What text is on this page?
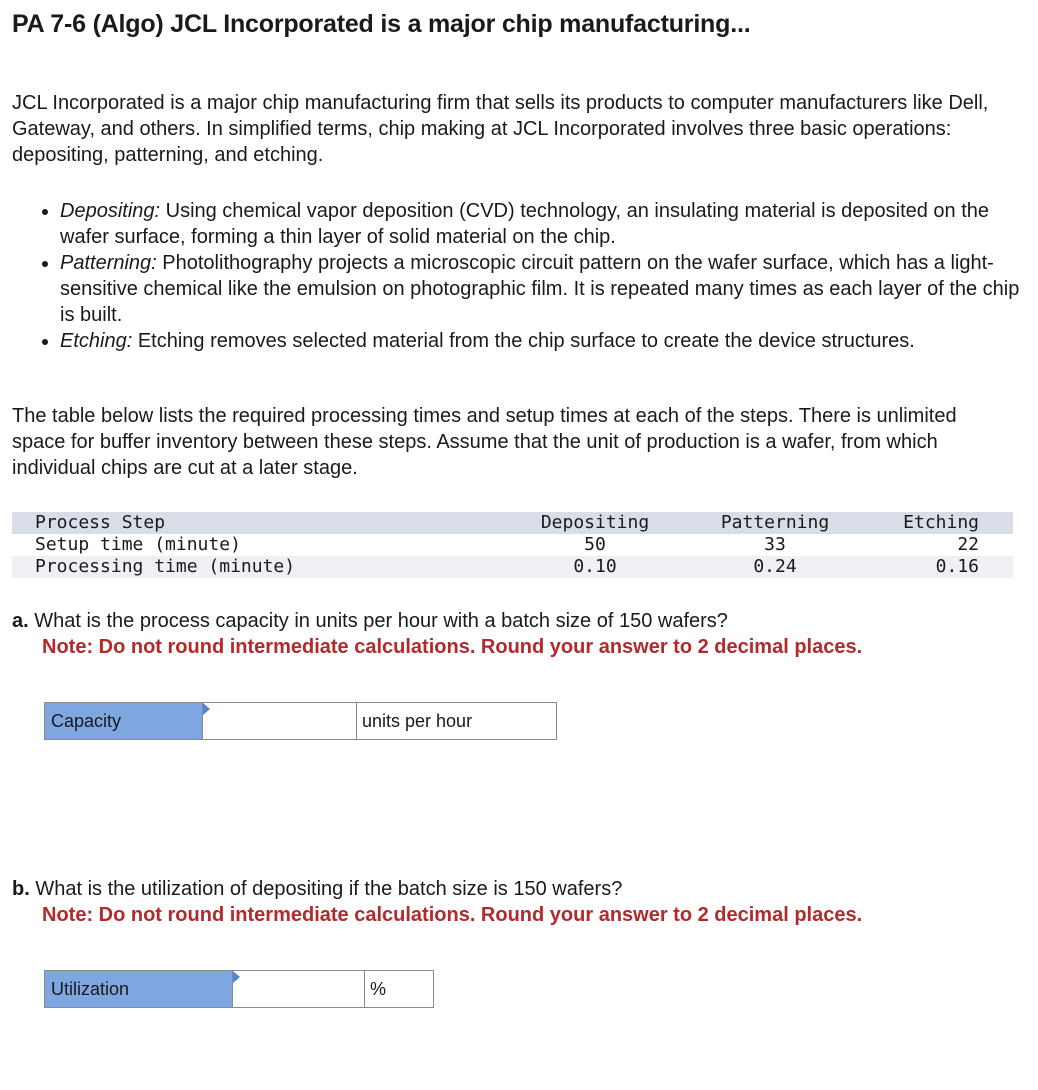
PA 7-6 (Algo) JCL Incorporated is a major chip manufacturing...

JCL Incorporated is a major chip manufacturing firm that sells its products to computer manufacturers like Dell, Gateway, and others. In simplified terms, chip making at JCL Incorporated involves three basic operations: depositing, patterning, and etching.

• Depositing: Using chemical vapor deposition (CVD) technology, an insulating material is deposited on the wafer surface, forming a thin layer of solid material on the chip.
• Patterning: Photolithography projects a microscopic circuit pattern on the wafer surface, which has a light-sensitive chemical like the emulsion on photographic film. It is repeated many times as each layer of the chip is built.
• Etching: Etching removes selected material from the chip surface to create the device structures.

The table below lists the required processing times and setup times at each of the steps. There is unlimited space for buffer inventory between these steps. Assume that the unit of production is a wafer, from which individual chips are cut at a later stage.

Process Step	Depositing	Patterning	Etching
Setup time (minute)	50	33	22
Processing time (minute)	0.10	0.24	0.16

a. What is the process capacity in units per hour with a batch size of 150 wafers?

Note: Do not round intermediate calculations. Round your answer to 2 decimal places.

Capacity	units per hour

b. What is the utilization of depositing if the batch size is 150 wafers?

Note: Do not round intermediate calculations. Round your answer to 2 decimal places.

Utilization	%
